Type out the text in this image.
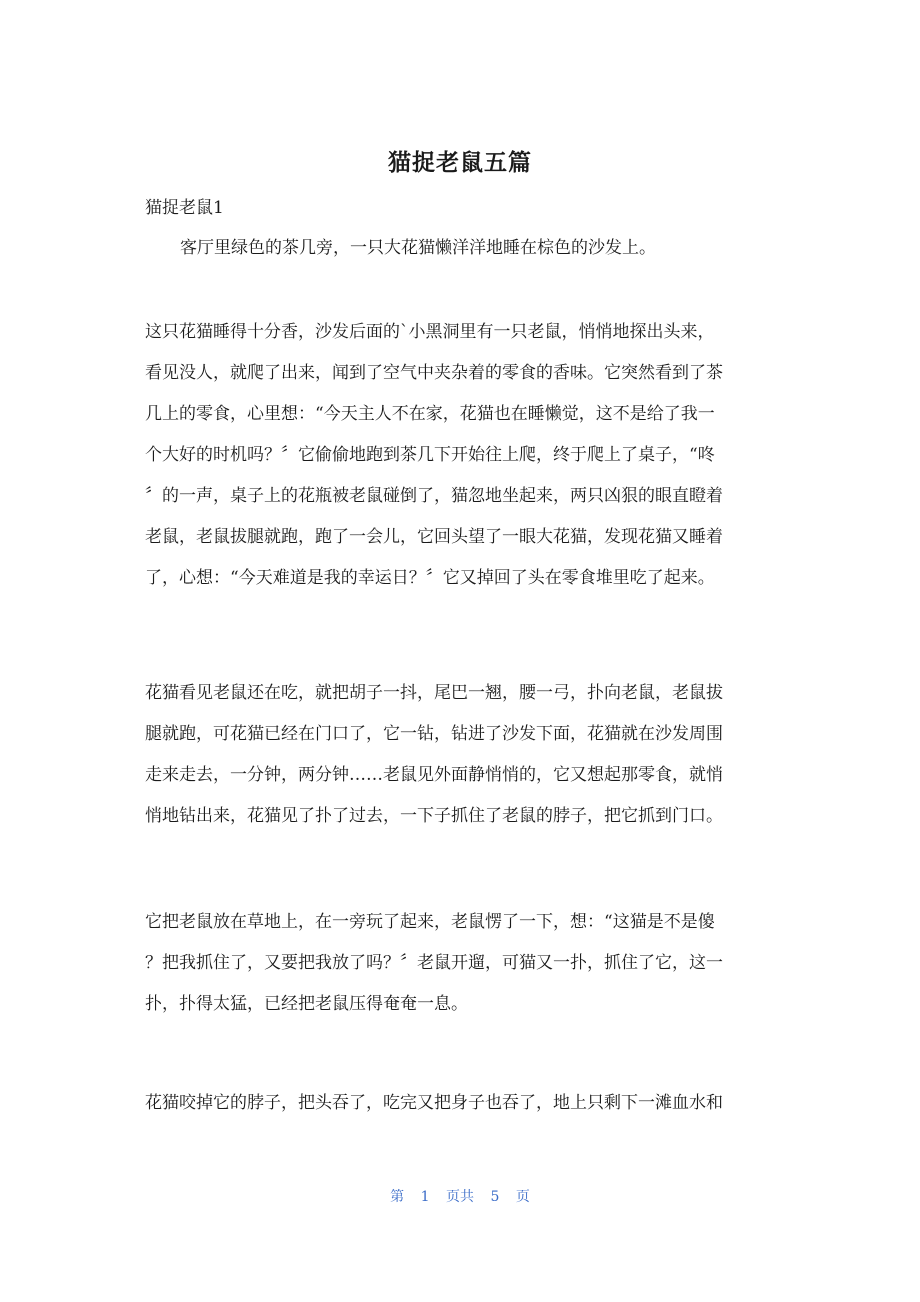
猫捉老鼠五篇
猫捉老鼠1
客厅里绿色的茶几旁，一只大花猫懒洋洋地睡在棕色的沙发上。
这只花猫睡得十分香，沙发后面的`小黑洞里有一只老鼠，悄悄地探出头来，
看见没人，就爬了出来，闻到了空气中夹杂着的零食的香味。它突然看到了茶
几上的零食，心里想：“今天主人不在家，花猫也在睡懒觉，这不是给了我一
个大好的时机吗？〞它偷偷地跑到茶几下开始往上爬，终于爬上了桌子，“咚
〞的一声，桌子上的花瓶被老鼠碰倒了，猫忽地坐起来，两只凶狠的眼直瞪着
老鼠，老鼠拔腿就跑，跑了一会儿，它回头望了一眼大花猫，发现花猫又睡着
了，心想：“今天难道是我的幸运日？〞它又掉回了头在零食堆里吃了起来。
花猫看见老鼠还在吃，就把胡子一抖，尾巴一翘，腰一弓，扑向老鼠，老鼠拔
腿就跑，可花猫已经在门口了，它一钻，钻进了沙发下面，花猫就在沙发周围
走来走去，一分钟，两分钟……老鼠见外面静悄悄的，它又想起那零食，就悄
悄地钻出来，花猫见了扑了过去，一下子抓住了老鼠的脖子，把它抓到门口。
它把老鼠放在草地上，在一旁玩了起来，老鼠愣了一下，想：“这猫是不是傻
？把我抓住了，又要把我放了吗？〞老鼠开遛，可猫又一扑，抓住了它，这一
扑，扑得太猛，已经把老鼠压得奄奄一息。
花猫咬掉它的脖子，把头吞了，吃完又把身子也吞了，地上只剩下一滩血水和
第 1 页共 5 页
